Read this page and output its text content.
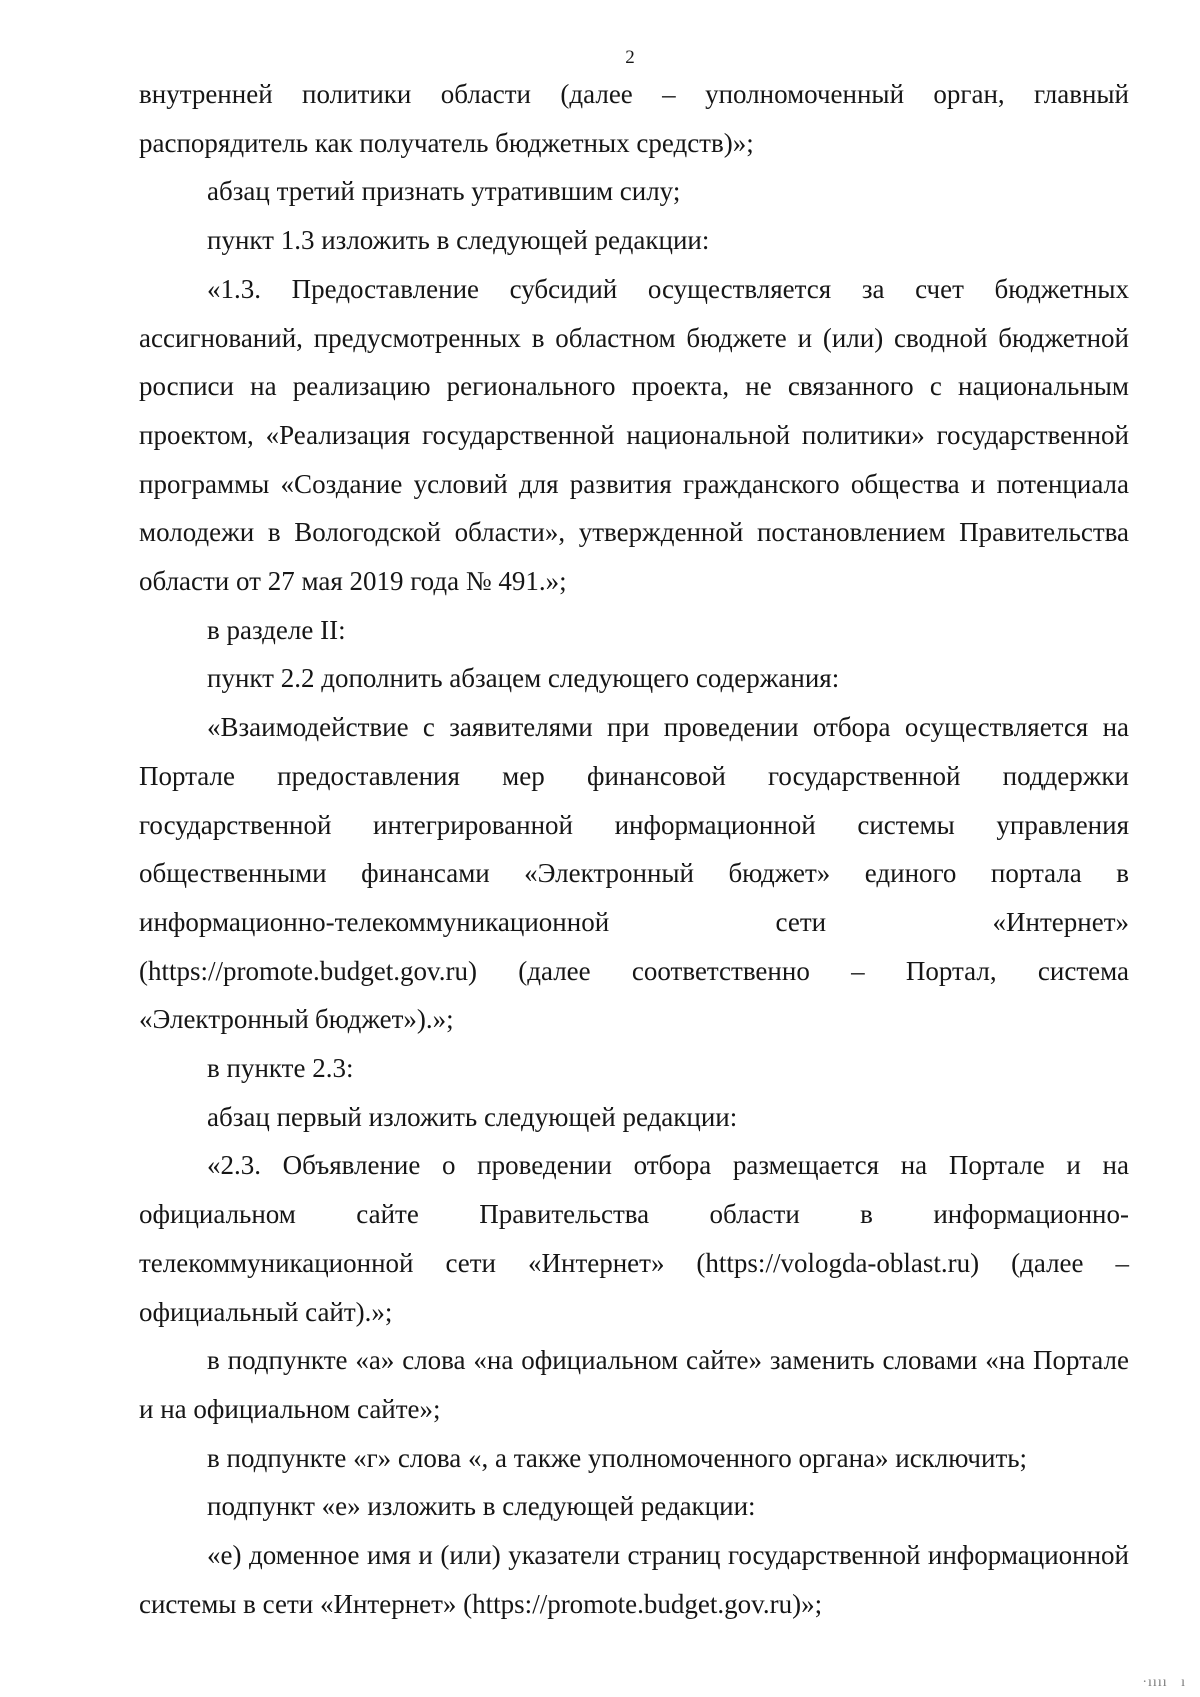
2

внутренней политики области (далее – уполномоченный орган, главный распорядитель как получатель бюджетных средств)»;

абзац третий признать утратившим силу;

пункт 1.3 изложить в следующей редакции:

«1.3. Предоставление субсидий осуществляется за счет бюджетных ассигнований, предусмотренных в областном бюджете и (или) сводной бюджетной росписи на реализацию регионального проекта, не связанного с национальным проектом, «Реализация государственной национальной политики» государственной программы «Создание условий для развития гражданского общества и потенциала молодежи в Вологодской области», утвержденной постановлением Правительства области от 27 мая 2019 года № 491.»;

в разделе II:

пункт 2.2 дополнить абзацем следующего содержания:

«Взаимодействие с заявителями при проведении отбора осуществляется на Портале предоставления мер финансовой государственной поддержки государственной интегрированной информационной системы управления общественными финансами «Электронный бюджет» единого портала в информационно-телекоммуникационной сети «Интернет» (https://promote.budget.gov.ru) (далее соответственно – Портал, система «Электронный бюджет»).»;

в пункте 2.3:

абзац первый изложить следующей редакции:

«2.3. Объявление о проведении отбора размещается на Портале и на официальном сайте Правительства области в информационно-

телекоммуникационной сети «Интернет» (https://vologda-oblast.ru) (далее – официальный сайт).»;

в подпункте «а» слова «на официальном сайте» заменить словами «на Портале и на официальном сайте»;

в подпункте «г» слова «, а также уполномоченного органа» исключить;

подпункт «е» изложить в следующей редакции:

«е) доменное имя и (или) указатели страниц государственной информационной системы в сети «Интернет» (https://promote.budget.gov.ru)»;

·ıııı   ı
